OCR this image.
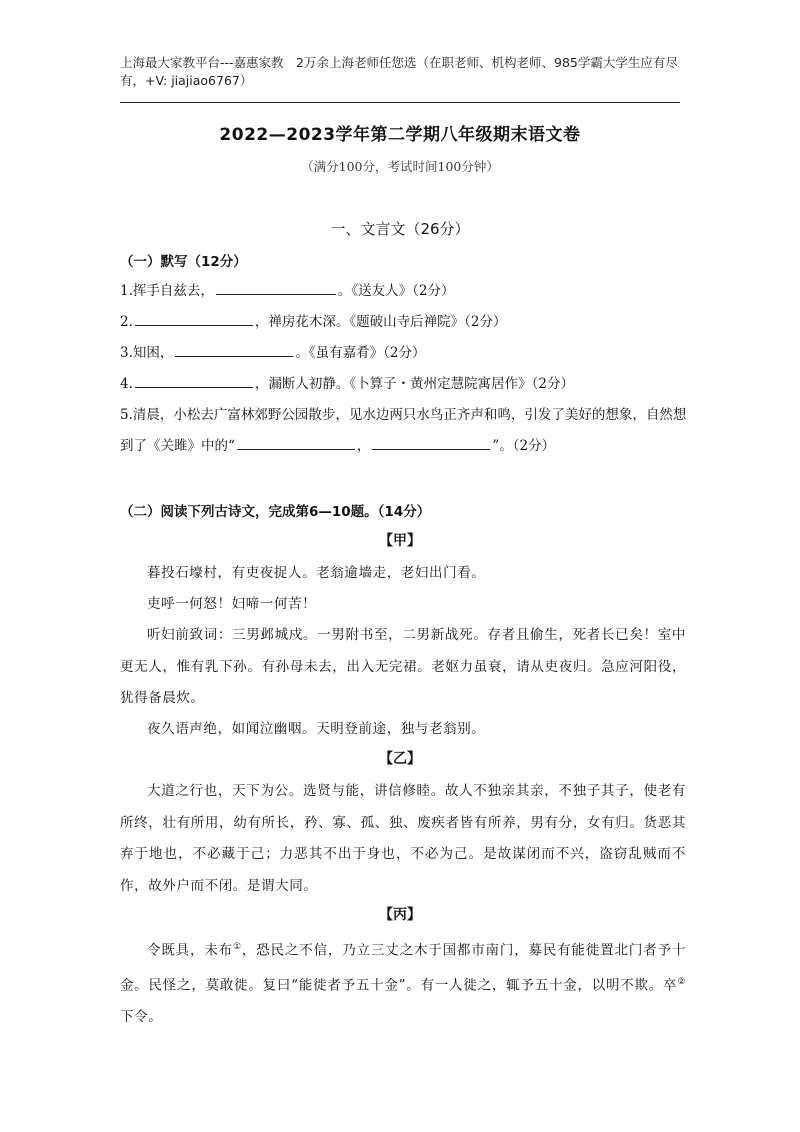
上海最大家教平台---嘉惠家教　2万余上海老师任您选（在职老师、机构老师、985学霸大学生应有尽有，+V: jiajiao6767）
2022—2023学年第二学期八年级期末语文卷
（满分100分，考试时间100分钟）
一、文言文（26分）
（一）默写（12分）
1.挥手自兹去，	。《送友人》（2分）
2.	，禅房花木深。《题破山寺后禅院》（2分）
3.知困，	。《虽有嘉肴》（2分）
4.	，漏断人初静。《卜算子・黄州定慧院寓居作》（2分）
5.清晨，小松去广富林郊野公园散步，见水边两只水鸟正齐声和鸣，引发了美好的想象，自然想到了《关雎》中的“	，	”。（2分）
（二）阅读下列古诗文，完成第6—10题。（14分）
【甲】
暮投石壕村，有吏夜捉人。老翁逾墙走，老妇出门看。
吏呼一何怒！妇啼一何苦！
听妇前致词：三男邺城戍。一男附书至，二男新战死。存者且偷生，死者长已矣！室中更无人，惟有乳下孙。有孙母未去，出入无完裙。老妪力虽衰，请从吏夜归。急应河阳役，犹得备晨炊。
夜久语声绝，如闻泣幽咽。天明登前途，独与老翁别。
【乙】
大道之行也，天下为公。选贤与能，讲信修睦。故人不独亲其亲，不独子其子，使老有所终，壮有所用，幼有所长，矜、寡、孤、独、废疾者皆有所养，男有分，女有归。货恶其弃于地也，不必藏于己；力恶其不出于身也，不必为己。是故谋闭而不兴，盗窃乱贼而不作，故外户而不闭。是谓大同。
【丙】
令既具，未布①，恐民之不信，乃立三丈之木于国都市南门，募民有能徙置北门者予十金。民怪之，莫敢徙。复曰“能徙者予五十金”。有一人徙之，辄予五十金，以明不欺。卒②下令。
